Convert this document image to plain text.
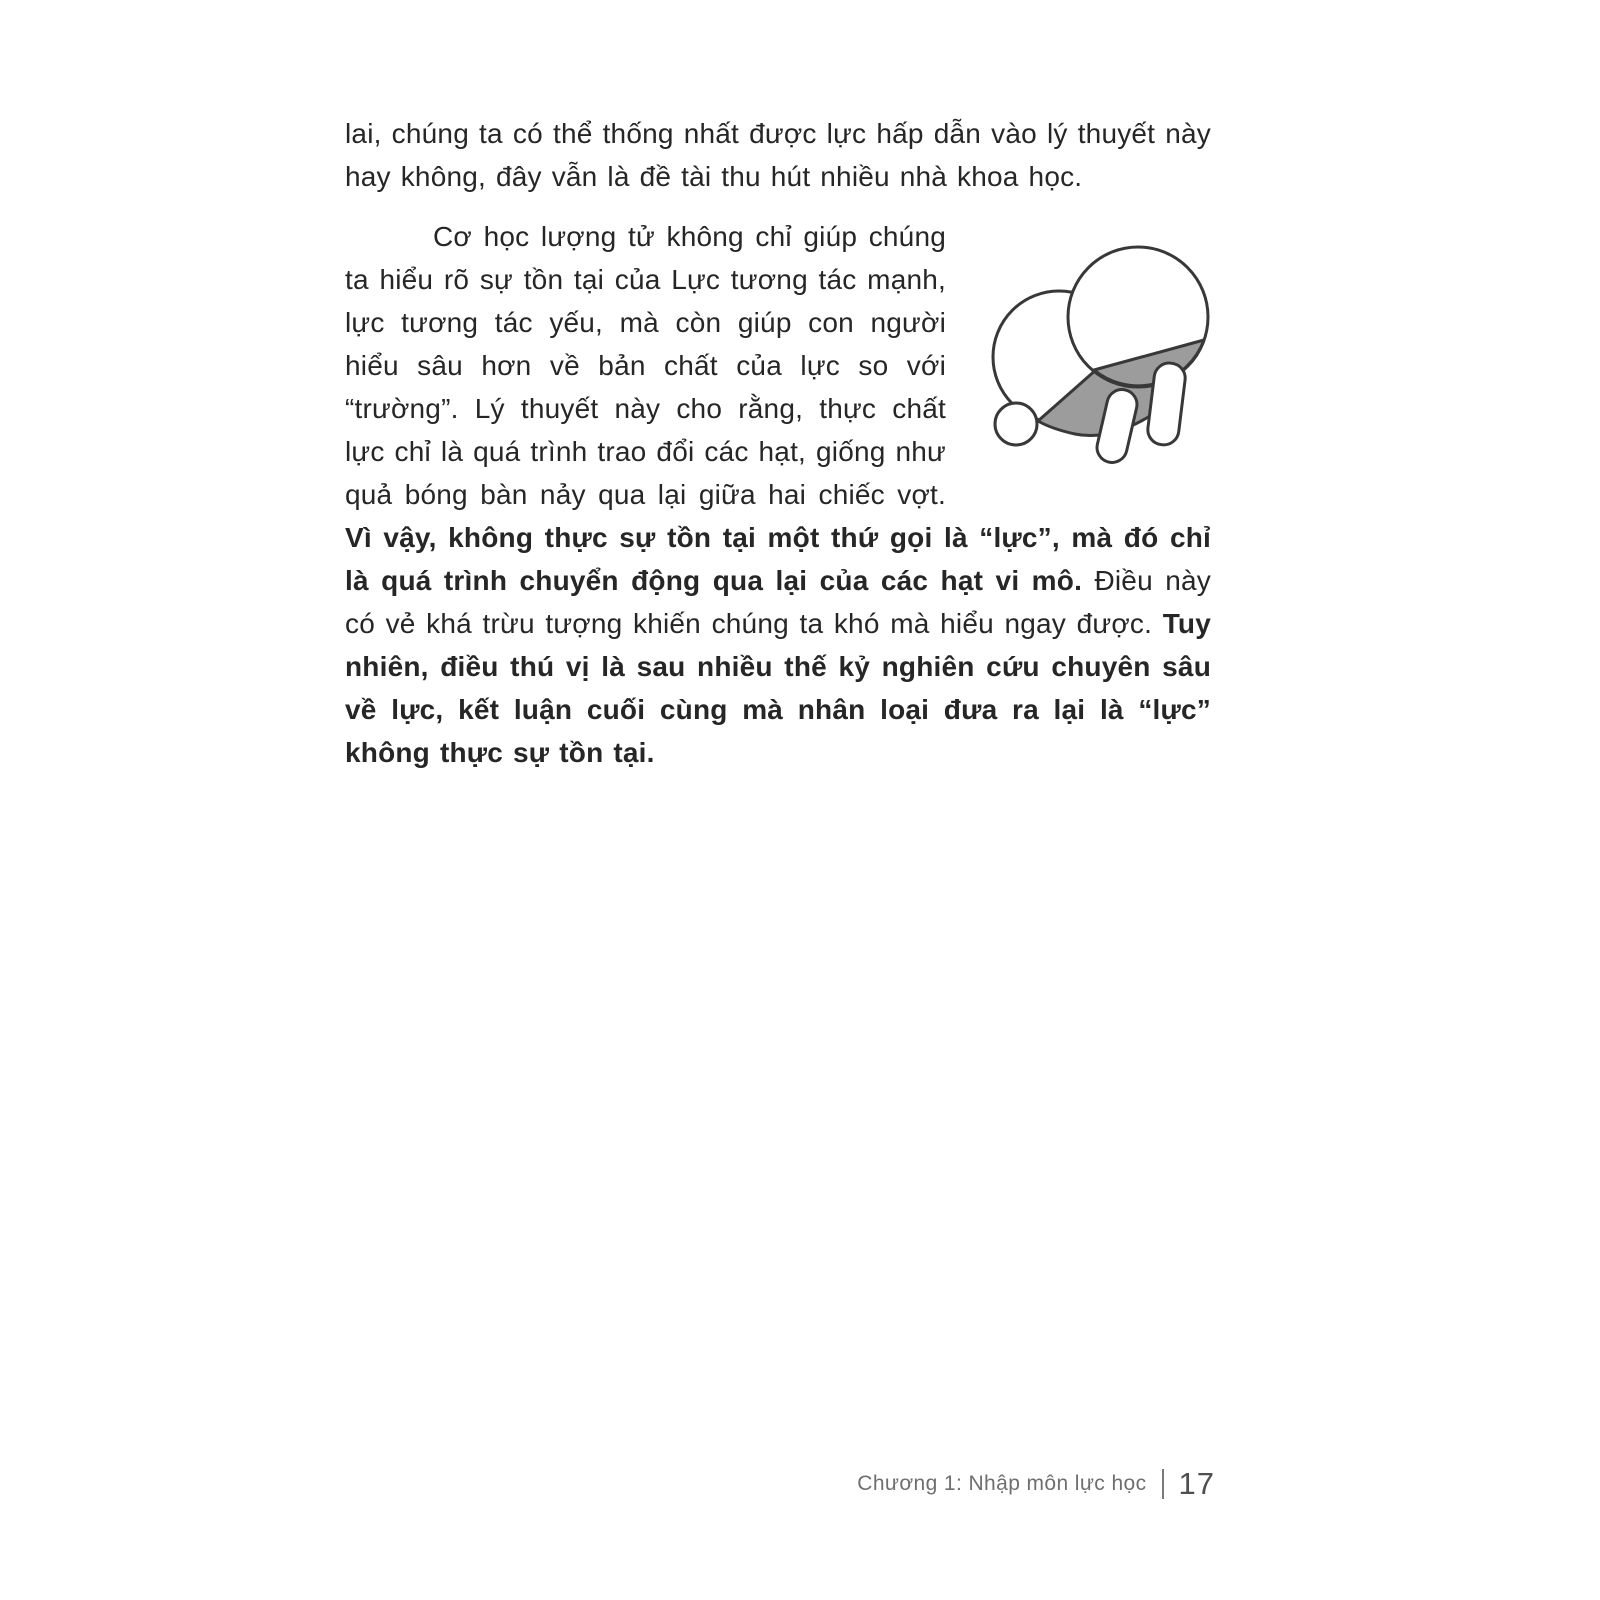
lai, chúng ta có thể thống nhất được lực hấp dẫn vào lý thuyết này hay không, đây vẫn là đề tài thu hút nhiều nhà khoa học.

Cơ học lượng tử không chỉ giúp chúng ta hiểu rõ sự tồn tại của Lực tương tác mạnh, lực tương tác yếu, mà còn giúp con người hiểu sâu hơn về bản chất của lực so với “trường”. Lý thuyết này cho rằng, thực chất lực chỉ là quá trình trao đổi các hạt, giống như quả bóng bàn nảy qua lại giữa hai chiếc vợt. Vì vậy, không thực sự tồn tại một thứ gọi là “lực”, mà đó chỉ là quá trình chuyển động qua lại của các hạt vi mô. Điều này có vẻ khá trừu tượng khiến chúng ta khó mà hiểu ngay được. Tuy nhiên, điều thú vị là sau nhiều thế kỷ nghiên cứu chuyên sâu về lực, kết luận cuối cùng mà nhân loại đưa ra lại là “lực” không thực sự tồn tại.

Chương 1: Nhập môn lực học 17
